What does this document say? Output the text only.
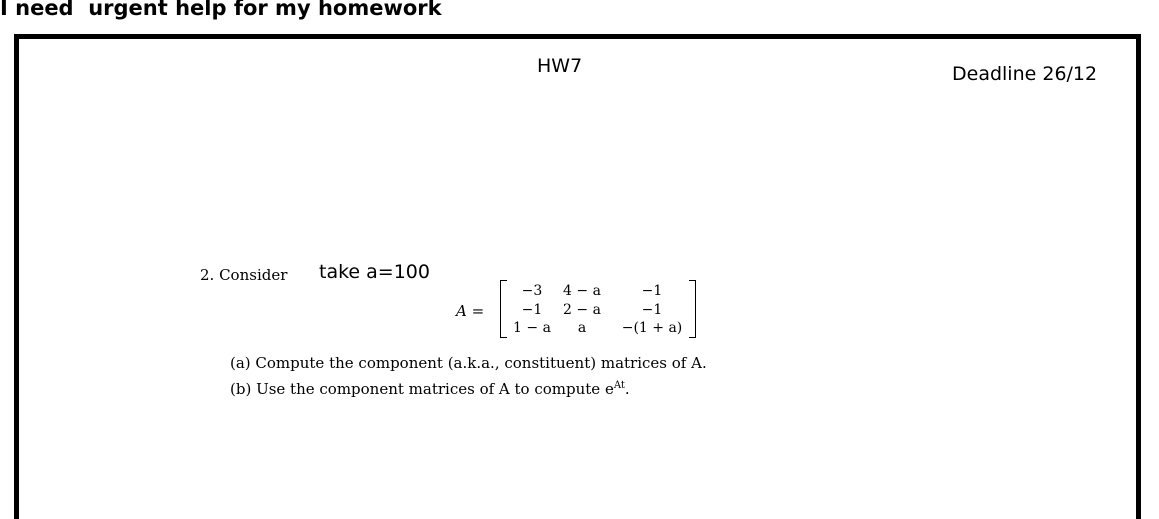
I need  urgent help for my homework
HW7	Deadline 26/12
2. Consider take a=100
A =
−3	4 − a	−1
−1	2 − a	−1
1 − a	a	−(1 + a)
(a) Compute the component (a.k.a., constituent) matrices of A.
(b) Use the component matrices of A to compute $e^{At}$.
